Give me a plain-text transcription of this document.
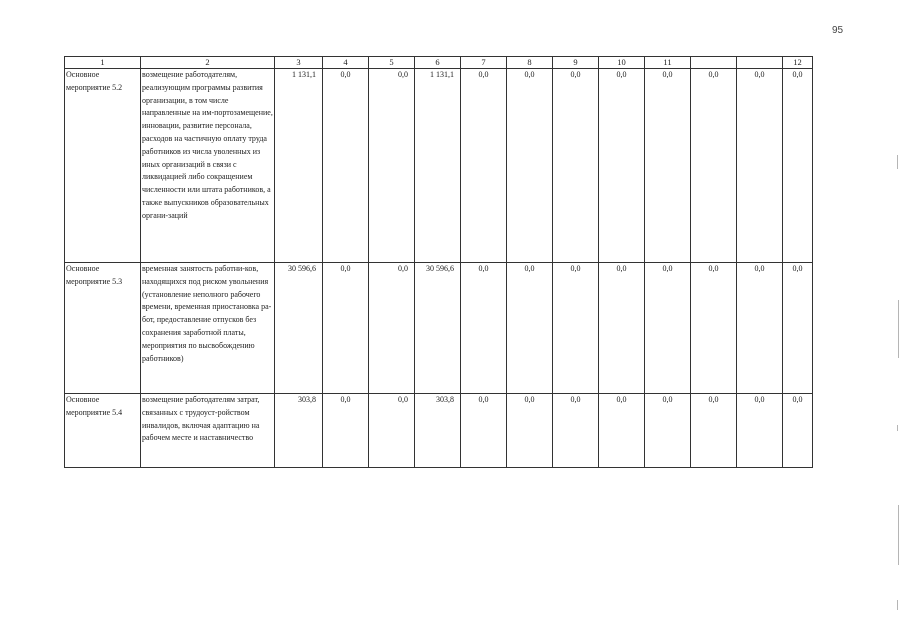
95
1	2	3	4	5	6	7	8	9	10	11			12
Основное мероприятие 5.2	возмещение работодателям, реализующим программы развития организации, в том числе направленные на им-портозамещение, инновации, развитие персонала, расходов на частичную оплату труда работников из числа уволенных из иных организаций в связи с ликвидацией либо сокращением численности или штата работников, а также выпускников образовательных органи-заций	1 131,1	0,0	0,0	1 131,1	0,0	0,0	0,0	0,0	0,0	0,0	0,0	0,0
Основное мероприятие 5.3	временная занятость работни-ков, находящихся под риском увольнения (установление неполного рабочего времени, временная приостановка ра-бот, предоставление отпусков без сохранения заработной платы, мероприятия по высвобождению работников)	30 596,6	0,0	0,0	30 596,6	0,0	0,0	0,0	0,0	0,0	0,0	0,0	0,0
Основное мероприятие 5.4	возмещение работодателям затрат, связанных с трудоуст-ройством инвалидов, включая адаптацию на рабочем месте и наставничество	303,8	0,0	0,0	303,8	0,0	0,0	0,0	0,0	0,0	0,0	0,0	0,0
